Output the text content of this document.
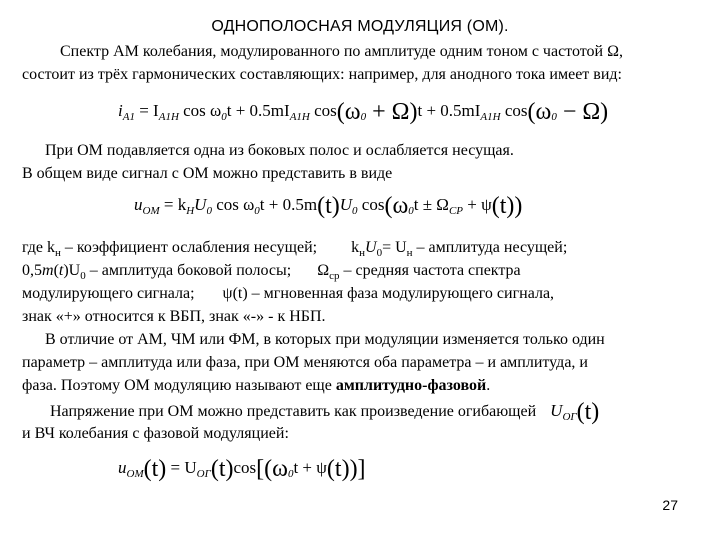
ОДНОПОЛОСНАЯ МОДУЛЯЦИЯ (ОМ).
Спектр АМ колебания, модулированного по амплитуде одним тоном с частотой Ω,
состоит из трёх гармонических составляющих: например, для анодного тока имеет вид:
$i_{A1} = I_{A1H}$ $\cos \omega_0t + 0.5mI_{A1H}$ $\cos(\omega_0 + \Omega)t + 0.5mI_{A1H}$ $\cos(\omega_0 - \Omega)$
При ОМ подавляется одна из боковых полос и ослабляется несущая.
В общем виде сигнал с ОМ можно представить в виде
$u_{OM} = k_HU_0$ $\cos \omega_0t + 0.5m(t)U_0$ $\cos(\omega_0t \pm \Omega_{CP} + \psi(t))$
где $k_н$ – коэффициент ослабления несущей; $k_нU_0= U_н$ – амплитуда несущей;
$0,5m(t)U_0$ – амплитуда боковой полосы; $\Omega_{ср}$ – средняя частота спектра
модулирующего сигнала; ψ(t) – мгновенная фаза модулирующего сигнала,
знак «+» относится к ВБП, знак «-» - к НБП.
В отличие от АМ, ЧМ или ФМ, в которых при модуляции изменяется только один
параметр – амплитуда или фаза, при ОМ меняются оба параметра – и амплитуда, и
фаза. Поэтому ОМ модуляцию называют еще амплитудно-фазовой.
Напряжение при ОМ можно представить как произведение огибающей $U_{OГ}(t)$
и ВЧ колебания с фазовой модуляцией:
$u_{OM}(t) = U_{OГ}(t)\cos[(\omega_0t + \psi(t))]$
27
